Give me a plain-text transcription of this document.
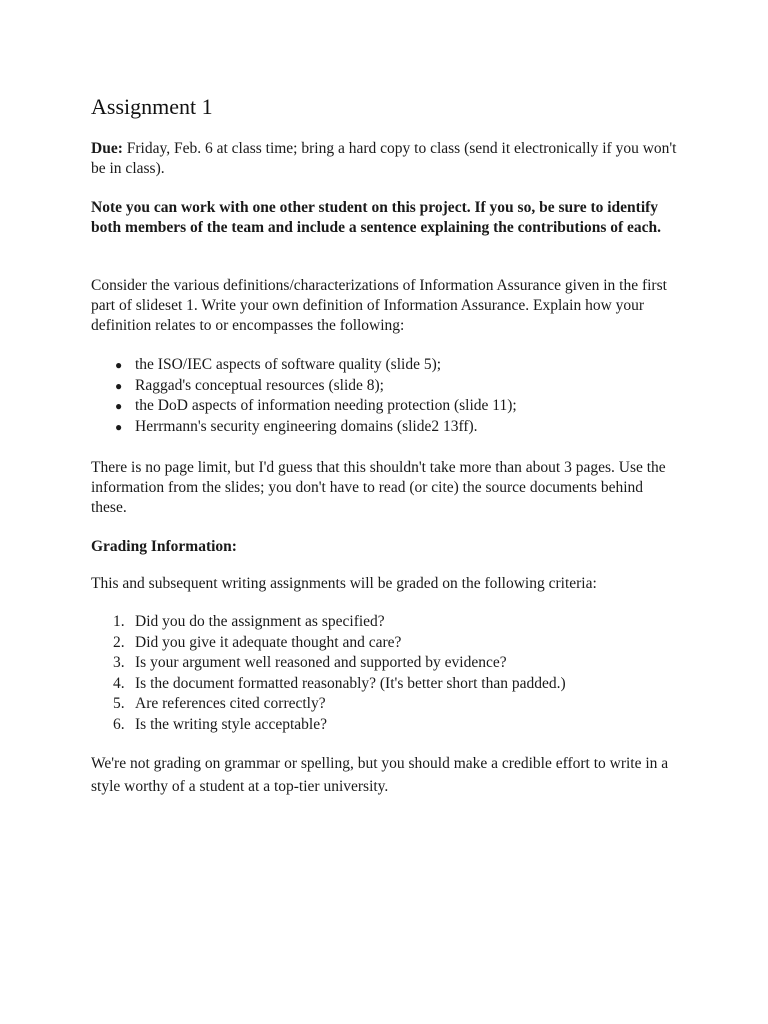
Assignment 1

Due: Friday, Feb. 6 at class time; bring a hard copy to class (send it electronically if you won't be in class).

Note you can work with one other student on this project. If you so, be sure to identify both members of the team and include a sentence explaining the contributions of each.

Consider the various definitions/characterizations of Information Assurance given in the first part of slideset 1. Write your own definition of Information Assurance. Explain how your definition relates to or encompasses the following:

● the ISO/IEC aspects of software quality (slide 5);
● Raggad's conceptual resources (slide 8);
● the DoD aspects of information needing protection (slide 11);
● Herrmann's security engineering domains (slide2 13ff).

There is no page limit, but I'd guess that this shouldn't take more than about 3 pages. Use the information from the slides; you don't have to read (or cite) the source documents behind these.

Grading Information:

This and subsequent writing assignments will be graded on the following criteria:

1. Did you do the assignment as specified?
2. Did you give it adequate thought and care?
3. Is your argument well reasoned and supported by evidence?
4. Is the document formatted reasonably? (It's better short than padded.)
5. Are references cited correctly?
6. Is the writing style acceptable?

We're not grading on grammar or spelling, but you should make a credible effort to write in a style worthy of a student at a top-tier university.
